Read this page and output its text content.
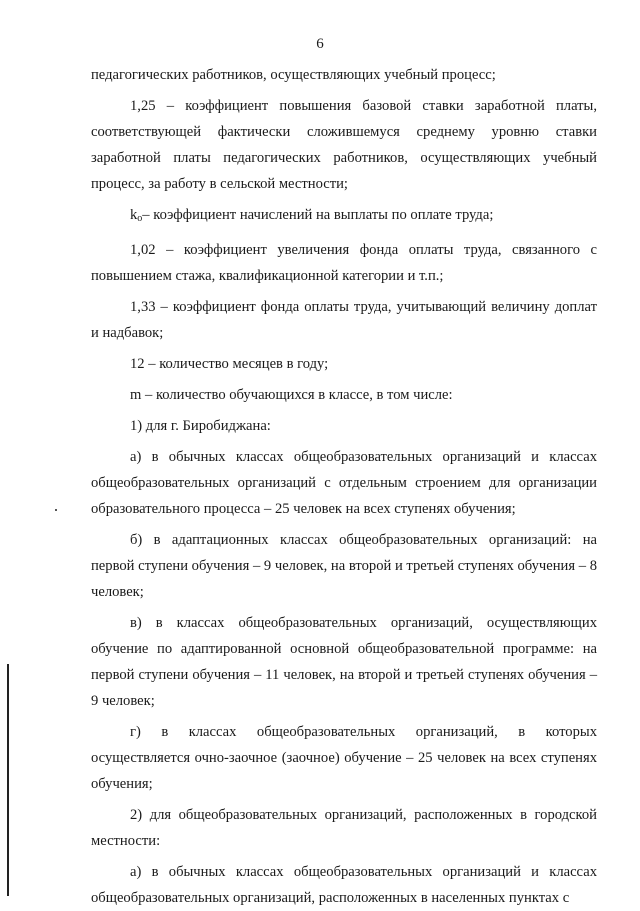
6

педагогических работников, осуществляющих учебный процесс;

1,25 – коэффициент повышения базовой ставки заработной платы, соответствующей фактически сложившемуся среднему уровню ставки заработной платы педагогических работников, осуществляющих учебный процесс, за работу в сельской местности;

$k_о-$ коэффициент начислений на выплаты по оплате труда;

1,02 – коэффициент увеличения фонда оплаты труда, связанного с повышением стажа, квалификационной категории и т.п.;

1,33 – коэффициент фонда оплаты труда, учитывающий величину доплат и надбавок;

12 – количество месяцев в году;

m – количество обучающихся в классе, в том числе:

1) для г. Биробиджана:

а) в обычных классах общеобразовательных организаций и классах общеобразовательных организаций с отдельным строением для организации образовательного процесса – 25 человек на всех ступенях обучения;

б) в адаптационных классах общеобразовательных организаций: на первой ступени обучения – 9 человек, на второй и третьей ступенях обучения – 8 человек;

в) в классах общеобразовательных организаций, осуществляющих обучение по адаптированной основной общеобразовательной программе: на первой ступени обучения – 11 человек, на второй и третьей ступенях обучения – 9 человек;

г) в классах общеобразовательных организаций, в которых осуществляется очно-заочное (заочное) обучение – 25 человек на всех ступенях обучения;

2) для общеобразовательных организаций, расположенных в городской местности:

а) в обычных классах общеобразовательных организаций и классах общеобразовательных организаций, расположенных в населенных пунктах с
